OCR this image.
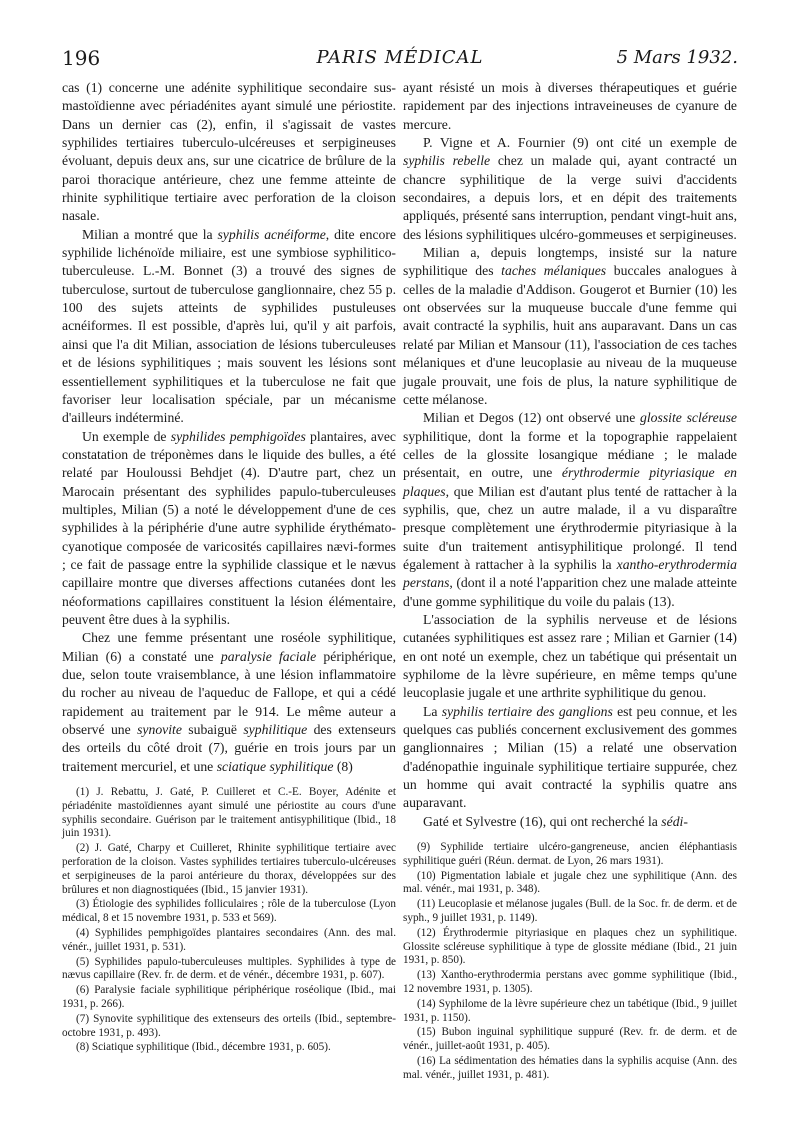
196	PARIS MÉDICAL	5 Mars 1932.

cas (1) concerne une adénite syphilitique secondaire sus-mastoïdienne avec périadénites ayant simulé une périostite. Dans un dernier cas (2), enfin, il s'agissait de vastes syphilides tertiaires tuberculo-ulcéreuses et serpigineuses évoluant, depuis deux ans, sur une cicatrice de brûlure de la paroi thoracique antérieure, chez une femme atteinte de rhinite syphilitique tertiaire avec perforation de la cloison nasale.

Milian a montré que la syphilis acnéiforme, dite encore syphilide lichénoïde miliaire, est une symbiose syphilitico-tuberculeuse. L.-M. Bonnet (3) a trouvé des signes de tuberculose, surtout de tuberculose ganglionnaire, chez 55 p. 100 des sujets atteints de syphilides pustuleuses acnéiformes. Il est possible, d'après lui, qu'il y ait parfois, ainsi que l'a dit Milian, association de lésions tuberculeuses et de lésions syphilitiques ; mais souvent les lésions sont essentiellement syphilitiques et la tuberculose ne fait que favoriser leur localisation spéciale, par un mécanisme d'ailleurs indéterminé.

Un exemple de syphilides pemphigoïdes plantaires, avec constatation de tréponèmes dans le liquide des bulles, a été relaté par Houloussi Behdjet (4). D'autre part, chez un Marocain présentant des syphilides papulo-tuberculeuses multiples, Milian (5) a noté le développement d'une de ces syphilides à la périphérie d'une autre syphilide érythémato-cyanotique composée de varicosités capillaires nævi-formes ; ce fait de passage entre la syphilide classique et le nævus capillaire montre que diverses affections cutanées dont les néoformations capillaires constituent la lésion élémentaire, peuvent être dues à la syphilis.

Chez une femme présentant une roséole syphilitique, Milian (6) a constaté une paralysie faciale périphérique, due, selon toute vraisemblance, à une lésion inflammatoire du rocher au niveau de l'aqueduc de Fallope, et qui a cédé rapidement au traitement par le 914. Le même auteur a observé une synovite subaiguë syphilitique des extenseurs des orteils du côté droit (7), guérie en trois jours par un traitement mercuriel, et une sciatique syphilitique (8)

(1) J. Rebattu, J. Gaté, P. Cuilleret et C.-E. Boyer, Adénite et périadénite mastoïdiennes ayant simulé une périostite au cours d'une syphilis secondaire. Guérison par le traitement antisyphilitique (Ibid., 18 juin 1931).

(2) J. Gaté, Charpy et Cuilleret, Rhinite syphilitique tertiaire avec perforation de la cloison. Vastes syphilides tertiaires tuberculo-ulcéreuses et serpigineuses de la paroi antérieure du thorax, développées sur des brûlures et non diagnostiquées (Ibid., 15 janvier 1931).

(3) Étiologie des syphilides folliculaires ; rôle de la tuberculose (Lyon médical, 8 et 15 novembre 1931, p. 533 et 569).

(4) Syphilides pemphigoïdes plantaires secondaires (Ann. des mal. vénér., juillet 1931, p. 531).

(5) Syphilides papulo-tuberculeuses multiples. Syphilides à type de nævus capillaire (Rev. fr. de derm. et de vénér., décembre 1931, p. 607).

(6) Paralysie faciale syphilitique périphérique roséolique (Ibid., mai 1931, p. 266).

(7) Synovite syphilitique des extenseurs des orteils (Ibid., septembre-octobre 1931, p. 493).

(8) Sciatique syphilitique (Ibid., décembre 1931, p. 605).

ayant résisté un mois à diverses thérapeutiques et guérie rapidement par des injections intraveineuses de cyanure de mercure.

P. Vigne et A. Fournier (9) ont cité un exemple de syphilis rebelle chez un malade qui, ayant contracté un chancre syphilitique de la verge suivi d'accidents secondaires, a depuis lors, et en dépit des traitements appliqués, présenté sans interruption, pendant vingt-huit ans, des lésions syphilitiques ulcéro-gommeuses et serpigineuses.

Milian a, depuis longtemps, insisté sur la nature syphilitique des taches mélaniques buccales analogues à celles de la maladie d'Addison. Gougerot et Burnier (10) les ont observées sur la muqueuse buccale d'une femme qui avait contracté la syphilis, huit ans auparavant. Dans un cas relaté par Milian et Mansour (11), l'association de ces taches mélaniques et d'une leucoplasie au niveau de la muqueuse jugale prouvait, une fois de plus, la nature syphilitique de cette mélanose.

Milian et Degos (12) ont observé une glossite scléreuse syphilitique, dont la forme et la topographie rappelaient celles de la glossite losangique médiane ; le malade présentait, en outre, une érythrodermie pityriasique en plaques, que Milian est d'autant plus tenté de rattacher à la syphilis, que, chez un autre malade, il a vu disparaître presque complètement une érythrodermie pityriasique à la suite d'un traitement antisyphilitique prolongé. Il tend également à rattacher à la syphilis la xantho-erythrodermia perstans, (dont il a noté l'apparition chez une malade atteinte d'une gomme syphilitique du voile du palais (13).

L'association de la syphilis nerveuse et de lésions cutanées syphilitiques est assez rare ; Milian et Garnier (14) en ont noté un exemple, chez un tabétique qui présentait un syphilome de la lèvre supérieure, en même temps qu'une leucoplasie jugale et une arthrite syphilitique du genou.

La syphilis tertiaire des ganglions est peu connue, et les quelques cas publiés concernent exclusivement des gommes ganglionnaires ; Milian (15) a relaté une observation d'adénopathie inguinale syphilitique tertiaire suppurée, chez un homme qui avait contracté la syphilis quatre ans auparavant.

Gaté et Sylvestre (16), qui ont recherché la sédi-

(9) Syphilide tertiaire ulcéro-gangreneuse, ancien éléphantiasis syphilitique guéri (Réun. dermat. de Lyon, 26 mars 1931).

(10) Pigmentation labiale et jugale chez une syphilitique (Ann. des mal. vénér., mai 1931, p. 348).

(11) Leucoplasie et mélanose jugales (Bull. de la Soc. fr. de derm. et de syph., 9 juillet 1931, p. 1149).

(12) Érythrodermie pityriasique en plaques chez un syphilitique. Glossite scléreuse syphilitique à type de glossite médiane (Ibid., 21 juin 1931, p. 850).

(13) Xantho-erythrodermia perstans avec gomme syphilitique (Ibid., 12 novembre 1931, p. 1305).

(14) Syphilome de la lèvre supérieure chez un tabétique (Ibid., 9 juillet 1931, p. 1150).

(15) Bubon inguinal syphilitique suppuré (Rev. fr. de derm. et de vénér., juillet-août 1931, p. 405).

(16) La sédimentation des hématies dans la syphilis acquise (Ann. des mal. vénér., juillet 1931, p. 481).
